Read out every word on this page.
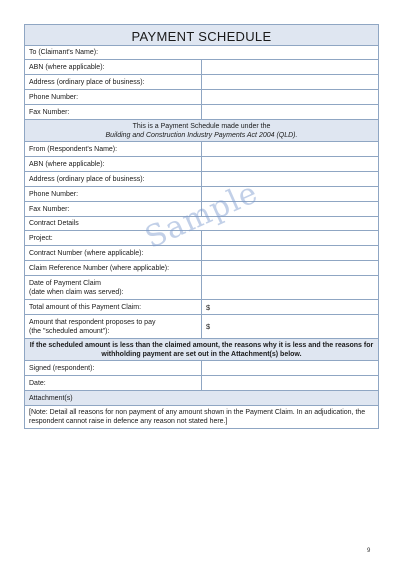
PAYMENT SCHEDULE
To (Claimant's Name):
ABN (where applicable):
Address (ordinary place of business):
Phone Number:
Fax Number:
This is a Payment Schedule made under the
Building and Construction Industry Payments Act 2004 (QLD).
From (Respondent's Name):
ABN (where applicable):
Address (ordinary place of business):
Phone Number:
Fax Number:
Contract Details
Project:
Contract Number (where applicable):
Claim Reference Number (where applicable):
Date of Payment Claim
(date when claim was served):
Total amount of this Payment Claim:	$
Amount that respondent proposes to pay
(the "scheduled amount"):	$
If the scheduled amount is less than the claimed amount, the reasons why it is less and the reasons for withholding payment are set out in the Attachment(s) below.
Signed (respondent):
Date:
Attachment(s)
[Note: Detail all reasons for non payment of any amount shown in the Payment Claim. In an adjudication, the respondent cannot raise in defence any reason not stated here.]
Sample
9
